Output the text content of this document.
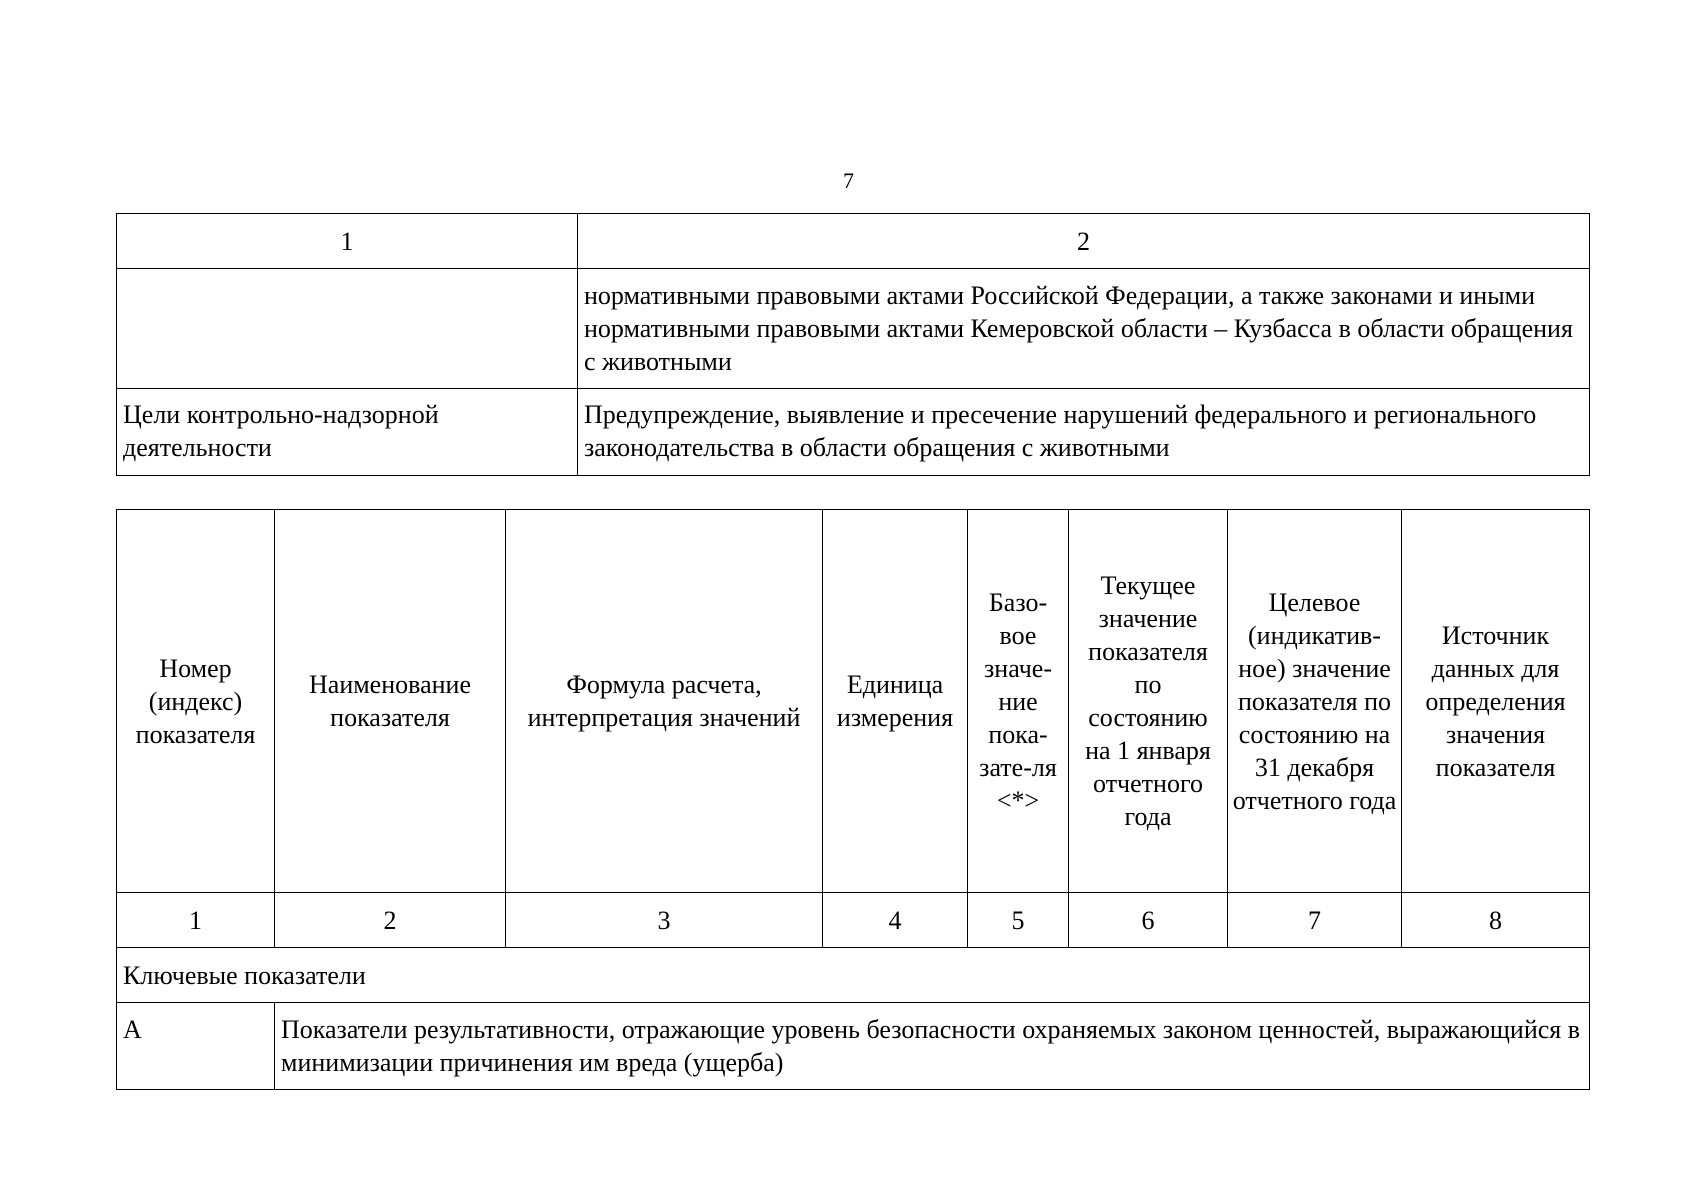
7
1	2
	нормативными правовыми актами Российской Федерации, а также законами и иными нормативными правовыми актами Кемеровской области – Кузбасса в области обращения с животными
Цели контрольно-надзорной деятельности	Предупреждение, выявление и пресечение нарушений федерального и регионального законодательства в области обращения с животными
Номер (индекс) показателя	Наименование показателя	Формула расчета, интерпретация значений	Единица измерения	Базо-вое значе-ние пока-зате-ля <*>	Текущее значение показателя по состоянию на 1 января отчетного года	Целевое (индикатив-ное) значение показателя по состоянию на 31 декабря отчетного года	Источник данных для определения значения показателя
1	2	3	4	5	6	7	8
Ключевые показатели							
А	Показатели результативности, отражающие уровень безопасности охраняемых законом ценностей, выражающийся в минимизации причинения им вреда (ущерба)						
